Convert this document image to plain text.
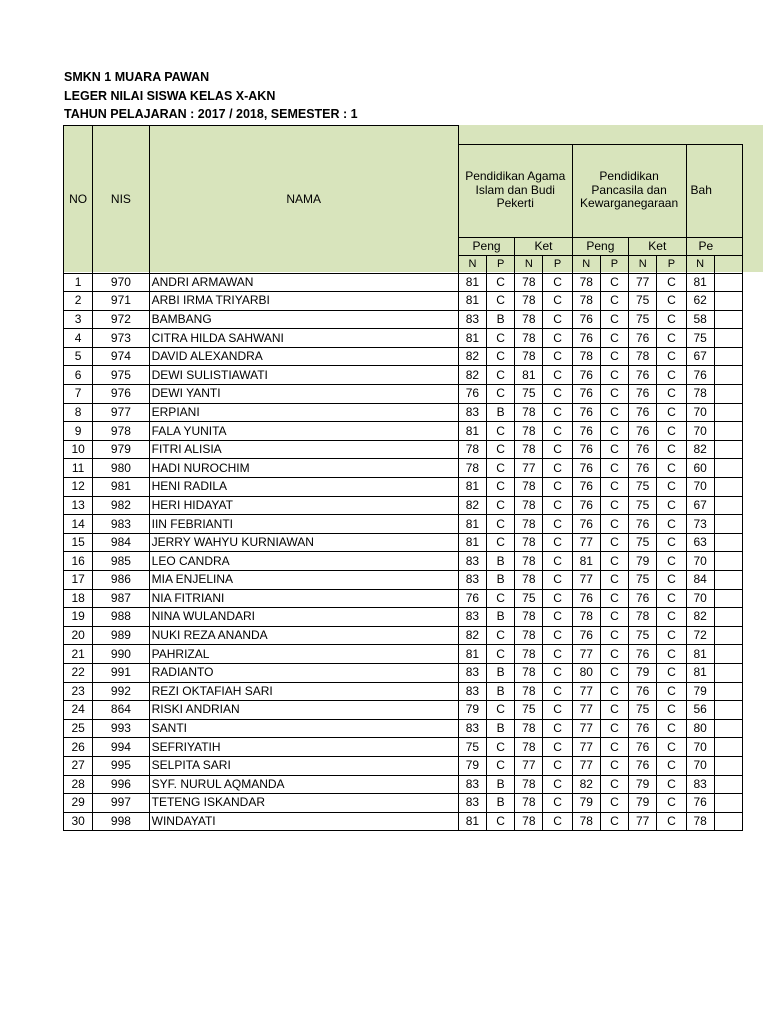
SMKN 1 MUARA PAWAN
LEGER NILAI SISWA KELAS X-AKN
TAHUN PELAJARAN : 2017 / 2018, SEMESTER : 1
NO	NIS	NAMA										
			Pendidikan Agama Islam dan Budi Pekerti				Pendidikan Pancasila dan Kewarganegaraan				Bah	
			Peng		Ket		Peng		Ket		Pe	
			N	P	N	P	N	P	N	P	N	
1	970	ANDRI ARMAWAN	81	C	78	C	78	C	77	C	81	
2	971	ARBI IRMA TRIYARBI	81	C	78	C	78	C	75	C	62	
3	972	BAMBANG	83	B	78	C	76	C	75	C	58	
4	973	CITRA HILDA SAHWANI	81	C	78	C	76	C	76	C	75	
5	974	DAVID ALEXANDRA	82	C	78	C	78	C	78	C	67	
6	975	DEWI SULISTIAWATI	82	C	81	C	76	C	76	C	76	
7	976	DEWI YANTI	76	C	75	C	76	C	76	C	78	
8	977	ERPIANI	83	B	78	C	76	C	76	C	70	
9	978	FALA YUNITA	81	C	78	C	76	C	76	C	70	
10	979	FITRI ALISIA	78	C	78	C	76	C	76	C	82	
11	980	HADI NUROCHIM	78	C	77	C	76	C	76	C	60	
12	981	HENI RADILA	81	C	78	C	76	C	75	C	70	
13	982	HERI HIDAYAT	82	C	78	C	76	C	75	C	67	
14	983	IIN FEBRIANTI	81	C	78	C	76	C	76	C	73	
15	984	JERRY WAHYU KURNIAWAN	81	C	78	C	77	C	75	C	63	
16	985	LEO CANDRA	83	B	78	C	81	C	79	C	70	
17	986	MIA ENJELINA	83	B	78	C	77	C	75	C	84	
18	987	NIA FITRIANI	76	C	75	C	76	C	76	C	70	
19	988	NINA WULANDARI	83	B	78	C	78	C	78	C	82	
20	989	NUKI REZA ANANDA	82	C	78	C	76	C	75	C	72	
21	990	PAHRIZAL	81	C	78	C	77	C	76	C	81	
22	991	RADIANTO	83	B	78	C	80	C	79	C	81	
23	992	REZI OKTAFIAH SARI	83	B	78	C	77	C	76	C	79	
24	864	RISKI ANDRIAN	79	C	75	C	77	C	75	C	56	
25	993	SANTI	83	B	78	C	77	C	76	C	80	
26	994	SEFRIYATIH	75	C	78	C	77	C	76	C	70	
27	995	SELPITA SARI	79	C	77	C	77	C	76	C	70	
28	996	SYF. NURUL AQMANDA	83	B	78	C	82	C	79	C	83	
29	997	TETENG ISKANDAR	83	B	78	C	79	C	79	C	76	
30	998	WINDAYATI	81	C	78	C	78	C	77	C	78	
